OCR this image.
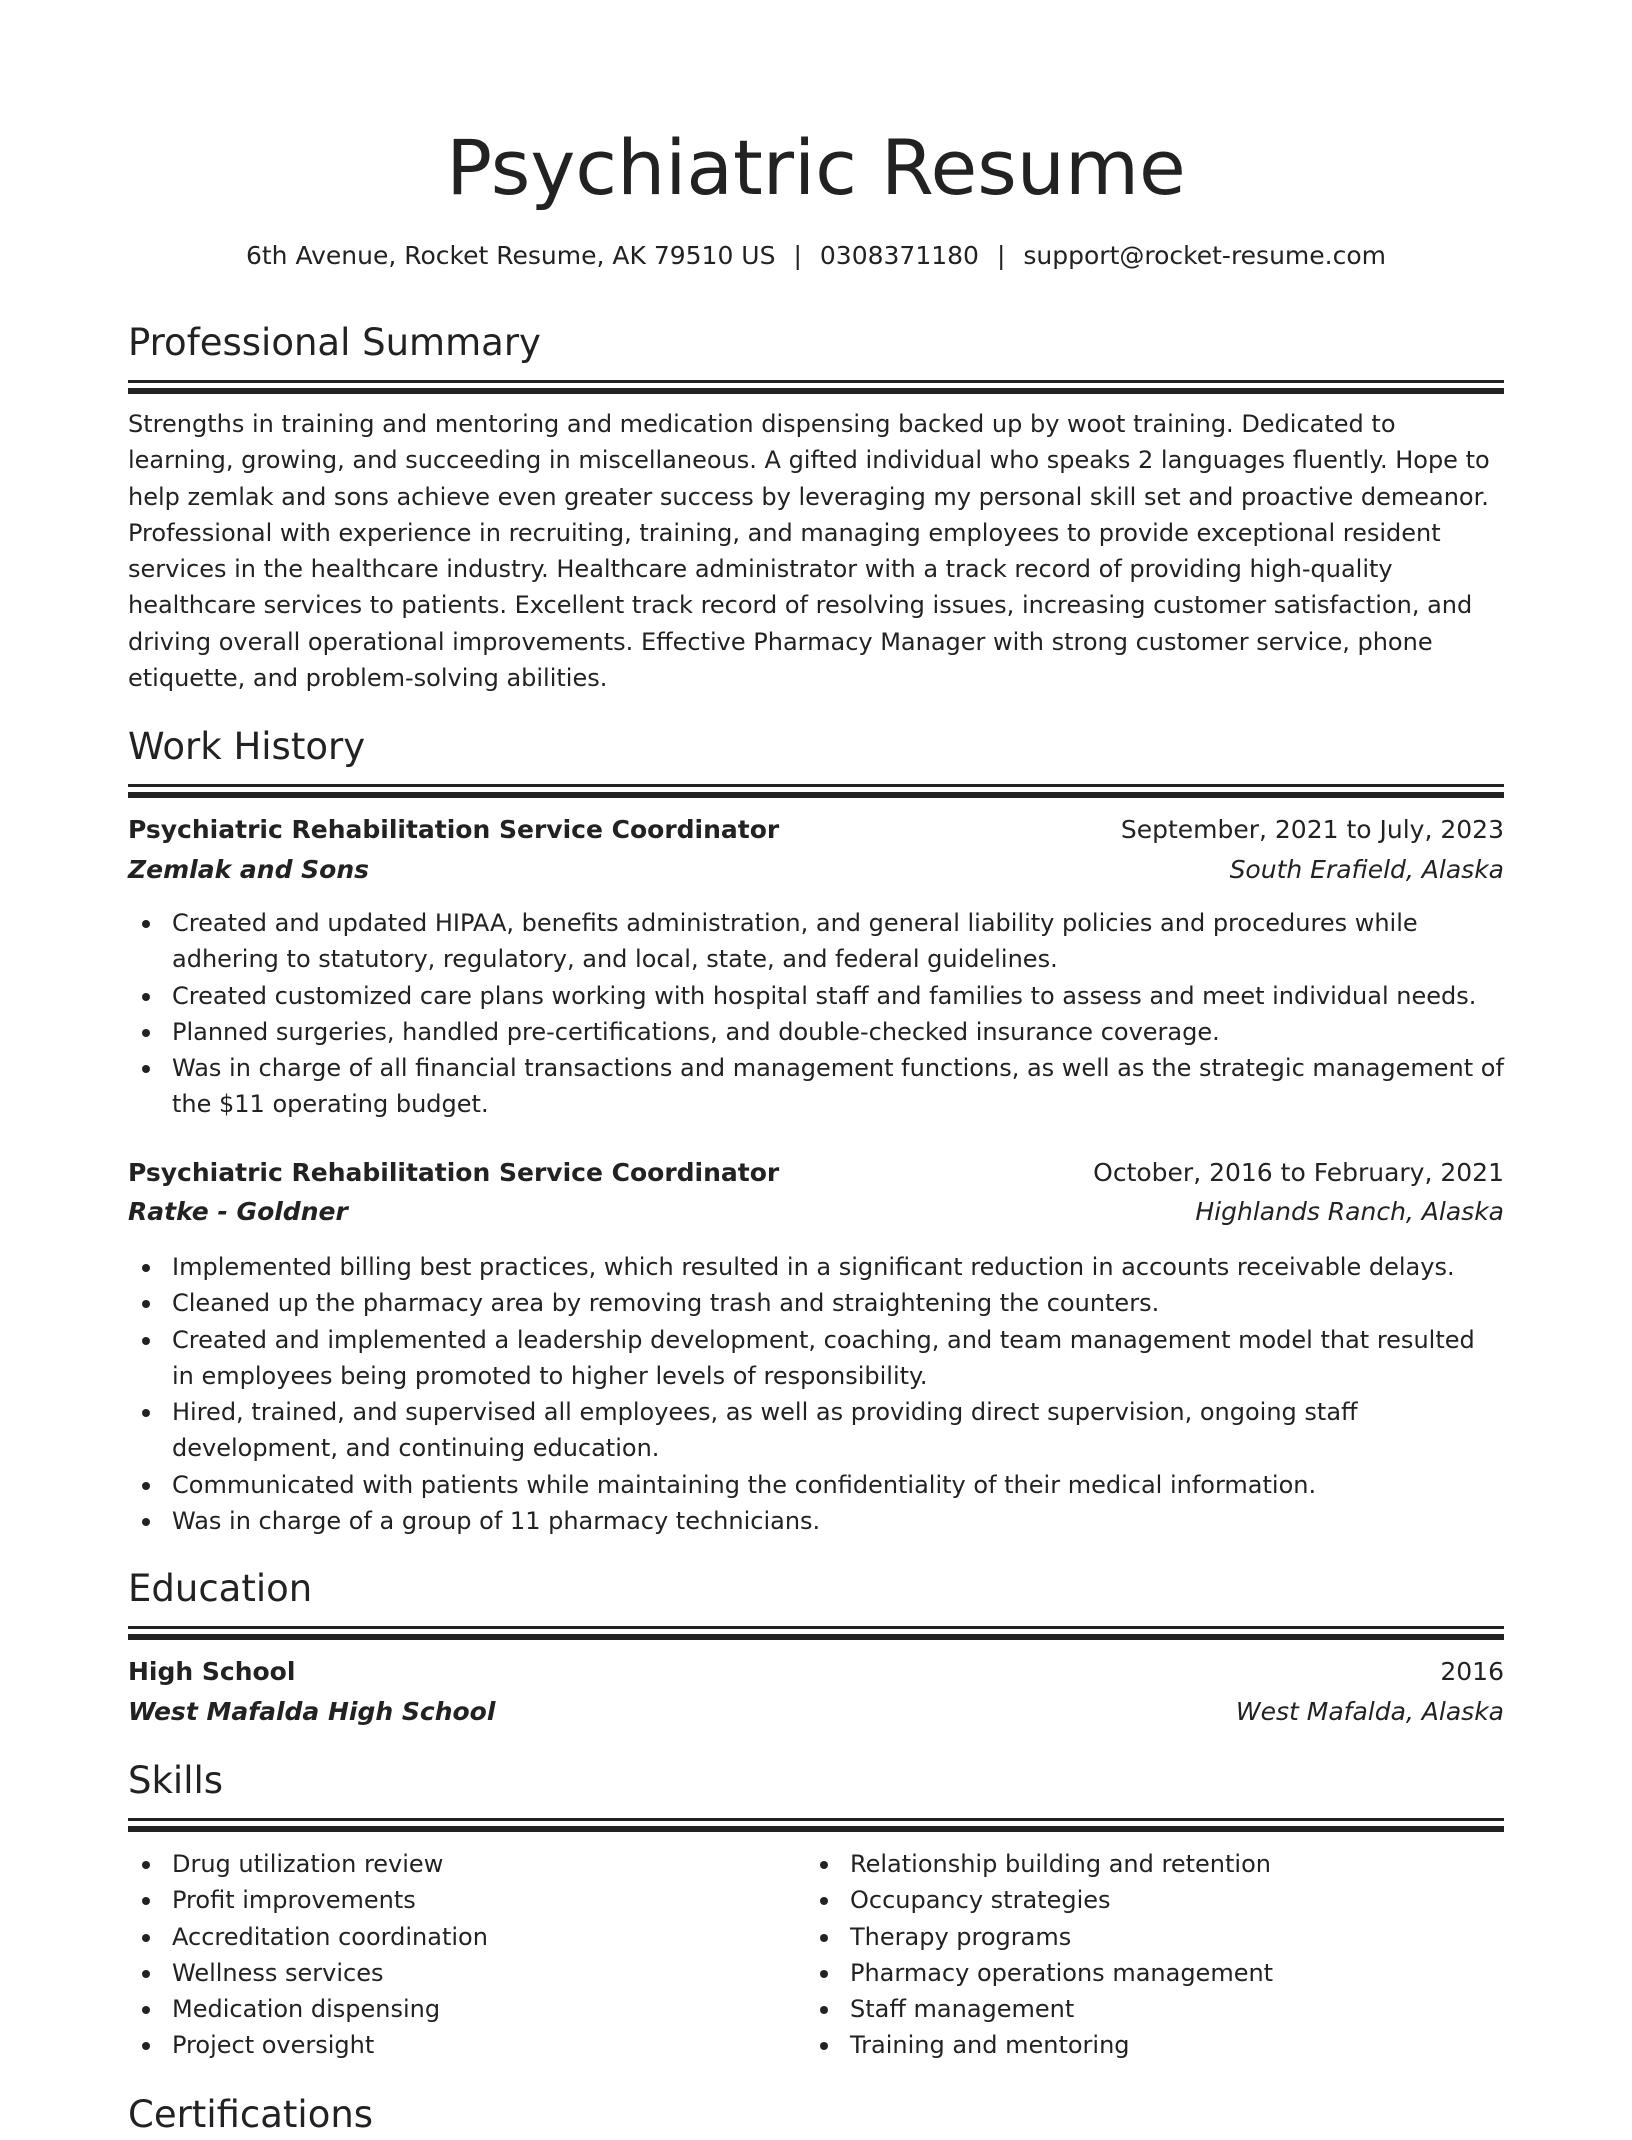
Psychiatric Resume
6th Avenue, Rocket Resume, AK 79510 US | 0308371180 | support@rocket-resume.com
Professional Summary

Strengths in training and mentoring and medication dispensing backed up by woot training. Dedicated to learning, growing, and succeeding in miscellaneous. A gifted individual who speaks 2 languages fluently. Hope to help zemlak and sons achieve even greater success by leveraging my personal skill set and proactive demeanor. Professional with experience in recruiting, training, and managing employees to provide exceptional resident services in the healthcare industry. Healthcare administrator with a track record of providing high-quality healthcare services to patients. Excellent track record of resolving issues, increasing customer satisfaction, and driving overall operational improvements. Effective Pharmacy Manager with strong customer service, phone etiquette, and problem-solving abilities.

Work History
Psychiatric Rehabilitation Service Coordinator	September, 2021 to July, 2023
Zemlak and Sons	South Erafield, Alaska
Created and updated HIPAA, benefits administration, and general liability policies and procedures while adhering to statutory, regulatory, and local, state, and federal guidelines.
Created customized care plans working with hospital staff and families to assess and meet individual needs.
Planned surgeries, handled pre-certifications, and double-checked insurance coverage.
Was in charge of all financial transactions and management functions, as well as the strategic management of the $11 operating budget.
Psychiatric Rehabilitation Service Coordinator	October, 2016 to February, 2021
Ratke - Goldner	Highlands Ranch, Alaska
Implemented billing best practices, which resulted in a significant reduction in accounts receivable delays.
Cleaned up the pharmacy area by removing trash and straightening the counters.
Created and implemented a leadership development, coaching, and team management model that resulted in employees being promoted to higher levels of responsibility.
Hired, trained, and supervised all employees, as well as providing direct supervision, ongoing staff development, and continuing education.
Communicated with patients while maintaining the confidentiality of their medical information.
Was in charge of a group of 11 pharmacy technicians.
Education
High School	2016
West Mafalda High School	West Mafalda, Alaska
Skills
Drug utilization review
Profit improvements
Accreditation coordination
Wellness services
Medication dispensing
Project oversight
Relationship building and retention
Occupancy strategies
Therapy programs
Pharmacy operations management
Staff management
Training and mentoring
Certifications
